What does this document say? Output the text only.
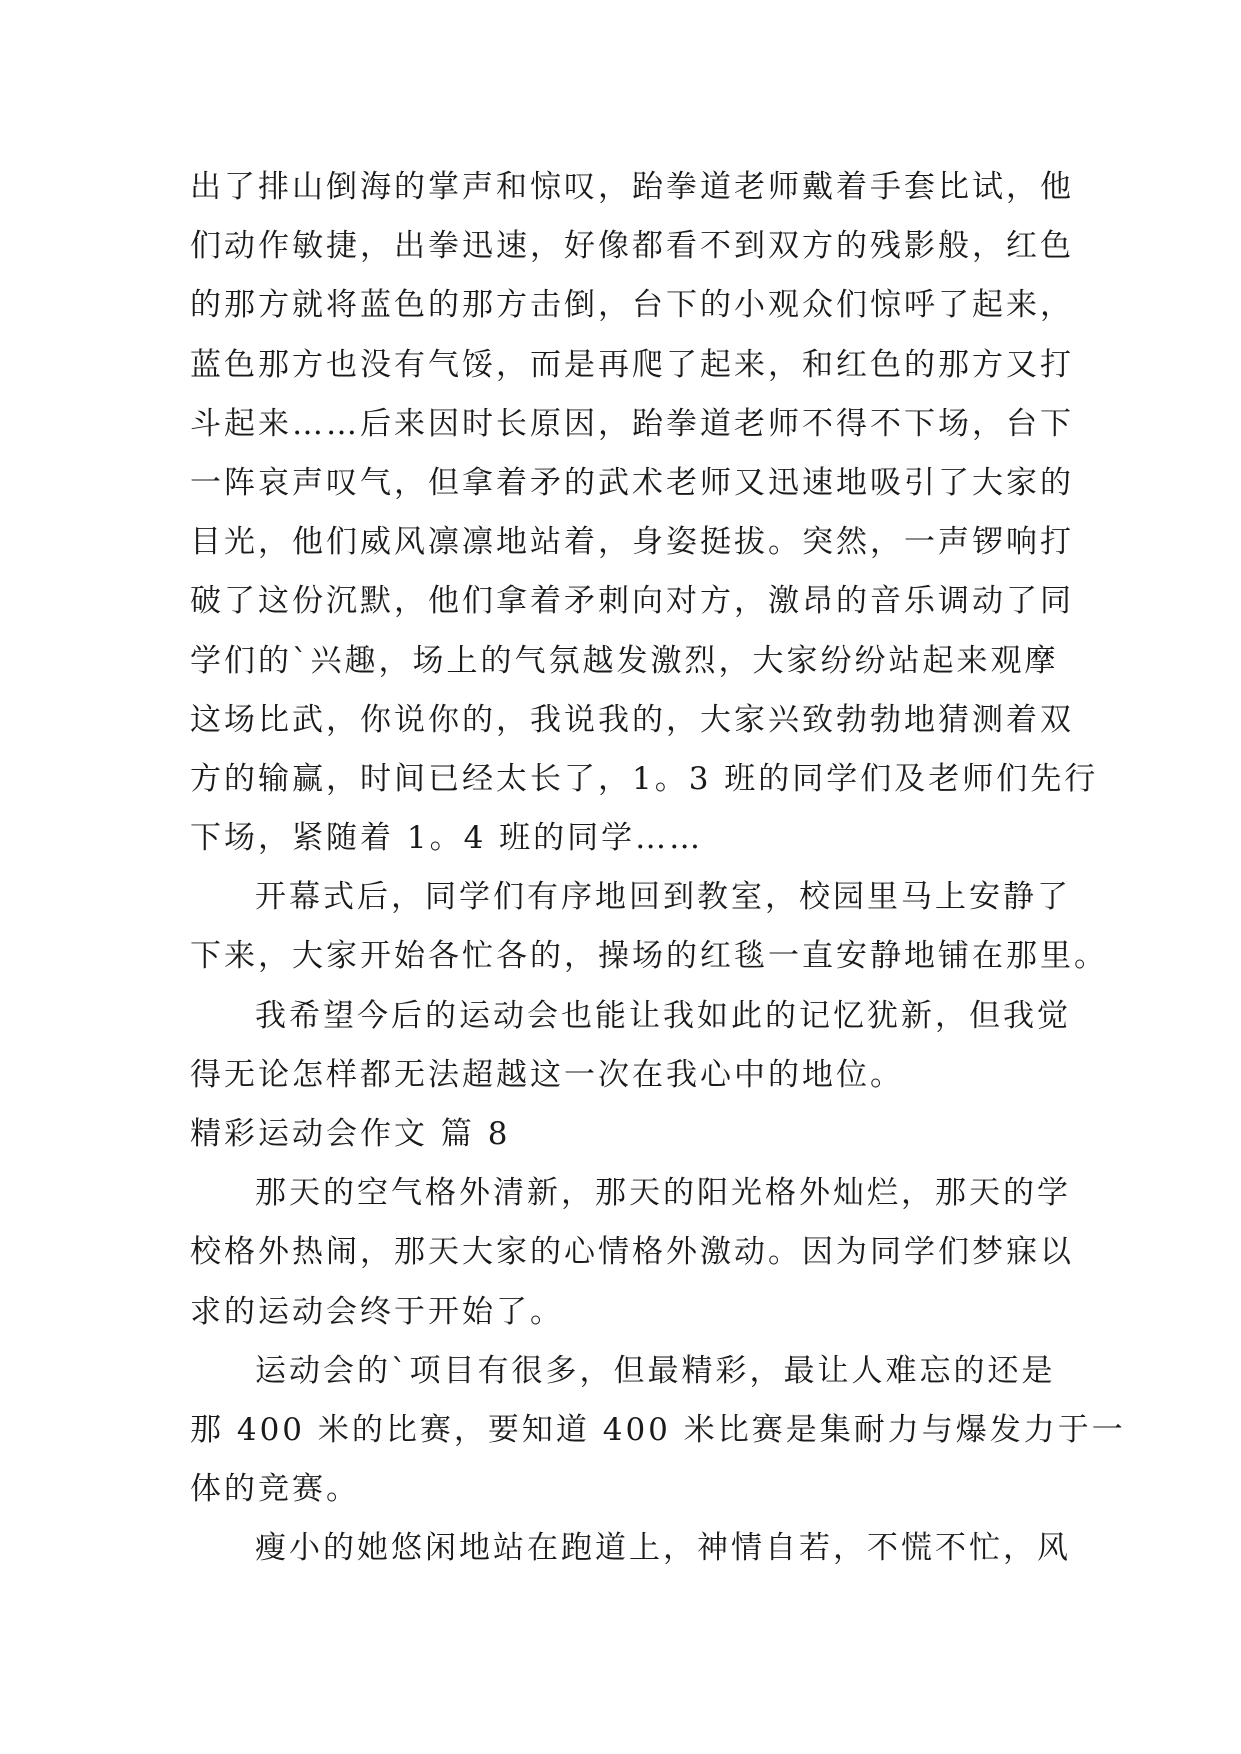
出了排山倒海的掌声和惊叹，跆拳道老师戴着手套比试，他
们动作敏捷，出拳迅速，好像都看不到双方的残影般，红色
的那方就将蓝色的那方击倒，台下的小观众们惊呼了起来，
蓝色那方也没有气馁，而是再爬了起来，和红色的那方又打
斗起来……后来因时长原因，跆拳道老师不得不下场，台下
一阵哀声叹气，但拿着矛的武术老师又迅速地吸引了大家的
目光，他们威风凛凛地站着，身姿挺拔。突然，一声锣响打
破了这份沉默，他们拿着矛刺向对方，激昂的音乐调动了同
学们的`兴趣，场上的气氛越发激烈，大家纷纷站起来观摩
这场比武，你说你的，我说我的，大家兴致勃勃地猜测着双
方的输赢，时间已经太长了，1。3 班的同学们及老师们先行
下场，紧随着 1。4 班的同学……
开幕式后，同学们有序地回到教室，校园里马上安静了
下来，大家开始各忙各的，操场的红毯一直安静地铺在那里。
我希望今后的运动会也能让我如此的记忆犹新，但我觉
得无论怎样都无法超越这一次在我心中的地位。
精彩运动会作文 篇 8
那天的空气格外清新，那天的阳光格外灿烂，那天的学
校格外热闹，那天大家的心情格外激动。因为同学们梦寐以
求的运动会终于开始了。
运动会的`项目有很多，但最精彩，最让人难忘的还是
那 400 米的比赛，要知道 400 米比赛是集耐力与爆发力于一
体的竞赛。
瘦小的她悠闲地站在跑道上，神情自若，不慌不忙，风
